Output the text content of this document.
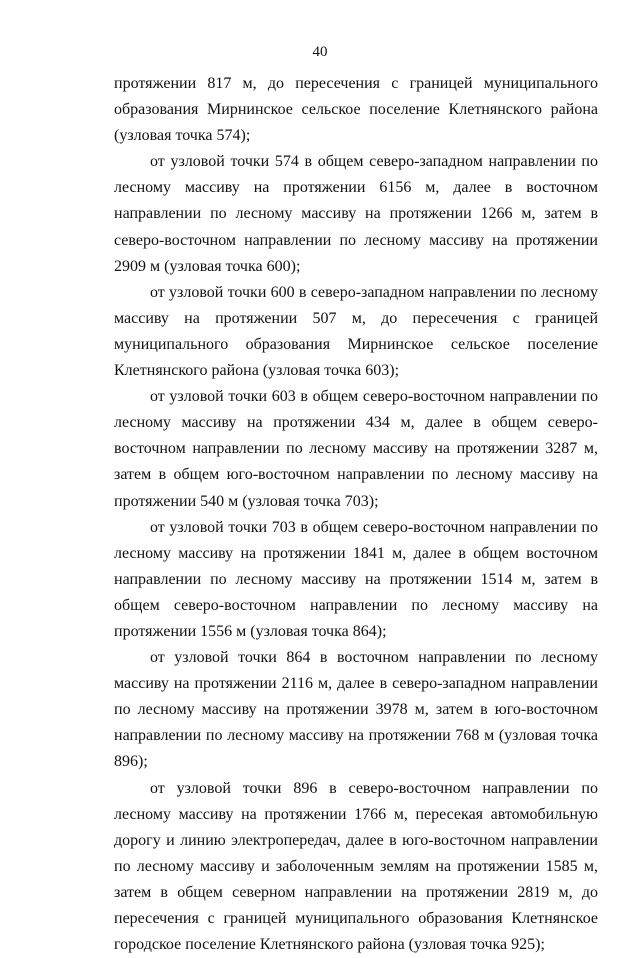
40

протяжении 817 м, до пересечения с границей муниципального образования Мирнинское сельское поселение Клетнянского района (узловая точка 574);

от узловой точки 574 в общем северо-западном направлении по лесному массиву на протяжении 6156 м, далее в восточном направлении по лесному массиву на протяжении 1266 м, затем в северо-восточном направлении по лесному массиву на протяжении 2909 м (узловая точка 600);

от узловой точки 600 в северо-западном направлении по лесному массиву на протяжении 507 м, до пересечения с границей муниципального образования Мирнинское сельское поселение Клетнянского района (узловая точка 603);

от узловой точки 603 в общем северо-восточном направлении по лесному массиву на протяжении 434 м, далее в общем северо-восточном направлении по лесному массиву на протяжении 3287 м, затем в общем юго-восточном направлении по лесному массиву на протяжении 540 м (узловая точка 703);

от узловой точки 703 в общем северо-восточном направлении по лесному массиву на протяжении 1841 м, далее в общем восточном направлении по лесному массиву на протяжении 1514 м, затем в общем северо-восточном направлении по лесному массиву на протяжении 1556 м (узловая точка 864);

от узловой точки 864 в восточном направлении по лесному массиву на протяжении 2116 м, далее в северо-западном направлении по лесному массиву на протяжении 3978 м, затем в юго-восточном направлении по лесному массиву на протяжении 768 м (узловая точка 896);

от узловой точки 896 в северо-восточном направлении по лесному массиву на протяжении 1766 м, пересекая автомобильную дорогу и линию электропередач, далее в юго-восточном направлении по лесному массиву и заболоченным землям на протяжении 1585 м, затем в общем северном направлении на протяжении 2819 м, до пересечения с границей муниципального образования Клетнянское городское поселение Клетнянского района (узловая точка 925);
